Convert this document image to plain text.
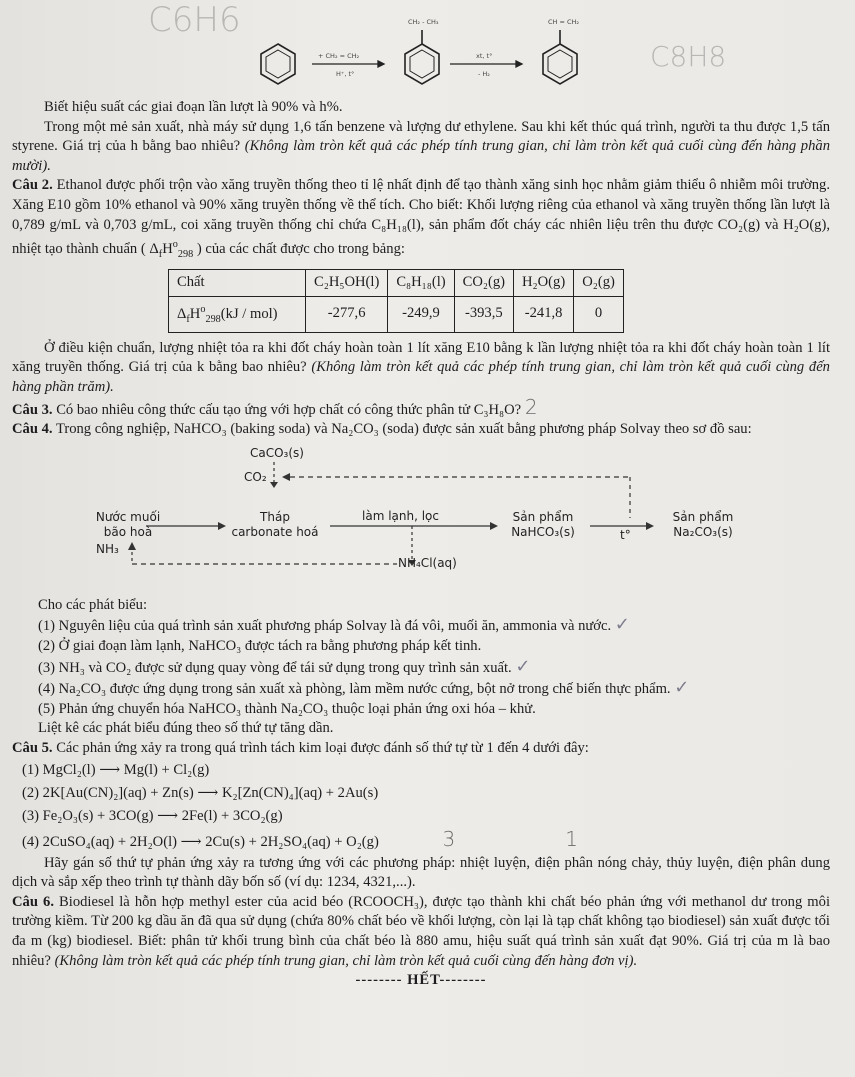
C6H6
C8H8
+ CH₂ = CH₂
H⁺, t°
CH₂ - CH₃
xt, t°
- H₂
CH = CH₂

Biết hiệu suất các giai đoạn lần lượt là 90% và h%.

Trong một mẻ sản xuất, nhà máy sử dụng 1,6 tấn benzene và lượng dư ethylene. Sau khi kết thúc quá trình, người ta thu được 1,5 tấn styrene. Giá trị của h bằng bao nhiêu? (Không làm tròn kết quả các phép tính trung gian, chỉ làm tròn kết quả cuối cùng đến hàng phần mười).

Câu 2. Ethanol được phối trộn vào xăng truyền thống theo tỉ lệ nhất định để tạo thành xăng sinh học nhằm giảm thiểu ô nhiễm môi trường. Xăng E10 gồm 10% ethanol và 90% xăng truyền thống về thể tích. Cho biết: Khối lượng riêng của ethanol và xăng truyền thống lần lượt là 0,789 g/mL và 0,703 g/mL, coi xăng truyền thống chỉ chứa C₈H₁₈(l), sản phẩm đốt cháy các nhiên liệu trên thu được CO₂(g) và H₂O(g), nhiệt tạo thành chuẩn ( $\Delta_fH^o_{298}$ ) của các chất được cho trong bảng:

Chất	C₂H₅OH(l)	C₈H₁₈(l)	CO₂(g)	H₂O(g)	O₂(g)
$\Delta_fH^o_{298}(kJ / mol)$	-277,6	-249,9	-393,5	-241,8	0

Ở điều kiện chuẩn, lượng nhiệt tỏa ra khi đốt cháy hoàn toàn 1 lít xăng E10 bằng k lần lượng nhiệt tỏa ra khi đốt cháy hoàn toàn 1 lít xăng truyền thống. Giá trị của k bằng bao nhiêu? (Không làm tròn kết quả các phép tính trung gian, chỉ làm tròn kết quả cuối cùng đến hàng phần trăm).

Câu 3. Có bao nhiêu công thức cấu tạo ứng với hợp chất có công thức phân tử C₃H₈O? 2

Câu 4. Trong công nghiệp, NaHCO₃ (baking soda) và Na₂CO₃ (soda) được sản xuất bằng phương pháp Solvay theo sơ đồ sau:

CaCO₃(s)
CO₂
Nước muối
bão hoà
Tháp
carbonate hoá
làm lạnh, lọc	Sản phẩm
NaHCO₃(s)	t°
Sản phẩm
Na₂CO₃(s)
NH₃
NH₄Cl(aq)

Cho các phát biểu:

(1) Nguyên liệu của quá trình sản xuất phương pháp Solvay là đá vôi, muối ăn, ammonia và nước. ✓

(2) Ở giai đoạn làm lạnh, NaHCO₃ được tách ra bằng phương pháp kết tinh.

(3) NH₃ và CO₂ được sử dụng quay vòng để tái sử dụng trong quy trình sản xuất. ✓

(4) Na₂CO₃ được ứng dụng trong sản xuất xà phòng, làm mềm nước cứng, bột nở trong chế biến thực phẩm. ✓

(5) Phản ứng chuyển hóa NaHCO₃ thành Na₂CO₃ thuộc loại phản ứng oxi hóa – khử.

Liệt kê các phát biểu đúng theo số thứ tự tăng dần.

Câu 5. Các phản ứng xảy ra trong quá trình tách kim loại được đánh số thứ tự từ 1 đến 4 dưới đây:

(1) MgCl₂(l) ⟶ Mg(l) + Cl₂(g)
(2) 2K[Au(CN)₂](aq) + Zn(s) ⟶ K₂[Zn(CN)₄](aq) + 2Au(s)
(3) Fe₂O₃(s) + 3CO(g) ⟶ 2Fe(l) + 3CO₂(g)
(4) 2CuSO₄(aq) + 2H₂O(l) ⟶ 2Cu(s) + 2H₂SO₄(aq) + O₂(g)	3	1

Hãy gán số thứ tự phản ứng xảy ra tương ứng với các phương pháp: nhiệt luyện, điện phân nóng chảy, thủy luyện, điện phân dung dịch và sắp xếp theo trình tự thành dãy bốn số (ví dụ: 1234, 4321,...).

Câu 6. Biodiesel là hỗn hợp methyl ester của acid béo (RCOOCH₃), được tạo thành khi chất béo phản ứng với methanol dư trong môi trường kiềm. Từ 200 kg dầu ăn đã qua sử dụng (chứa 80% chất béo về khối lượng, còn lại là tạp chất không tạo biodiesel) sản xuất được tối đa m (kg) biodiesel. Biết: phân tử khối trung bình của chất béo là 880 amu, hiệu suất quá trình sản xuất đạt 90%. Giá trị của m là bao nhiêu? (Không làm tròn kết quả các phép tính trung gian, chỉ làm tròn kết quả cuối cùng đến hàng đơn vị).

-------- HẾT--------
